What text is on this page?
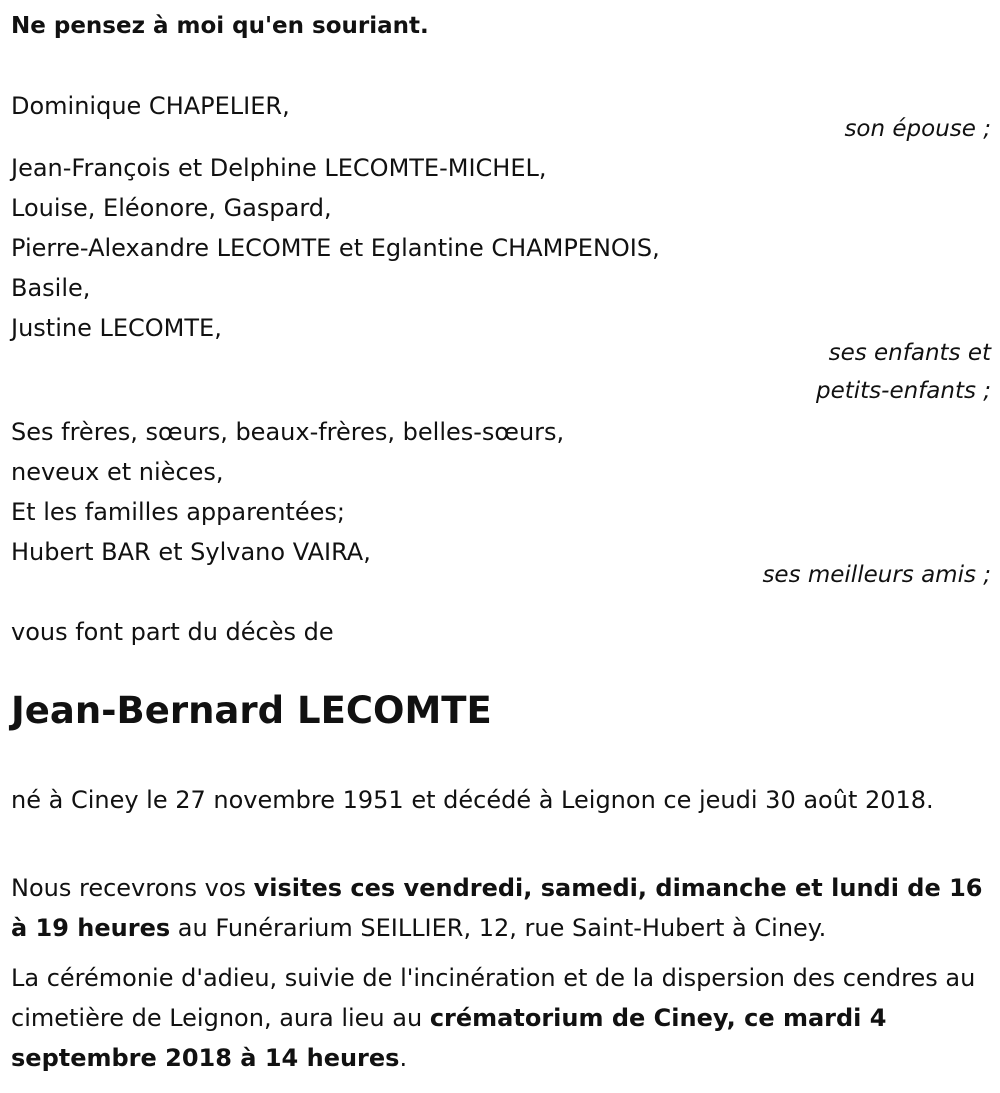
Ne pensez à moi qu'en souriant.
Dominique CHAPELIER,
son épouse ;
Jean-François et Delphine LECOMTE-MICHEL,
Louise, Eléonore, Gaspard,
Pierre-Alexandre LECOMTE et Eglantine CHAMPENOIS,
Basile,
Justine LECOMTE,
ses enfants et
petits-enfants ;
Ses frères, sœurs, beaux-frères, belles-sœurs,
neveux et nièces,
Et les familles apparentées;
Hubert BAR et Sylvano VAIRA,
ses meilleurs amis ;
vous font part du décès de
Jean-Bernard LECOMTE
né à Ciney le 27 novembre 1951 et décédé à Leignon ce jeudi 30 août 2018.
Nous recevrons vos visites ces vendredi, samedi, dimanche et lundi de 16 à 19 heures au Funérarium SEILLIER, 12, rue Saint-Hubert à Ciney.
La cérémonie d'adieu, suivie de l'incinération et de la dispersion des cendres au cimetière de Leignon, aura lieu au crématorium de Ciney, ce mardi 4 septembre 2018 à 14 heures.
